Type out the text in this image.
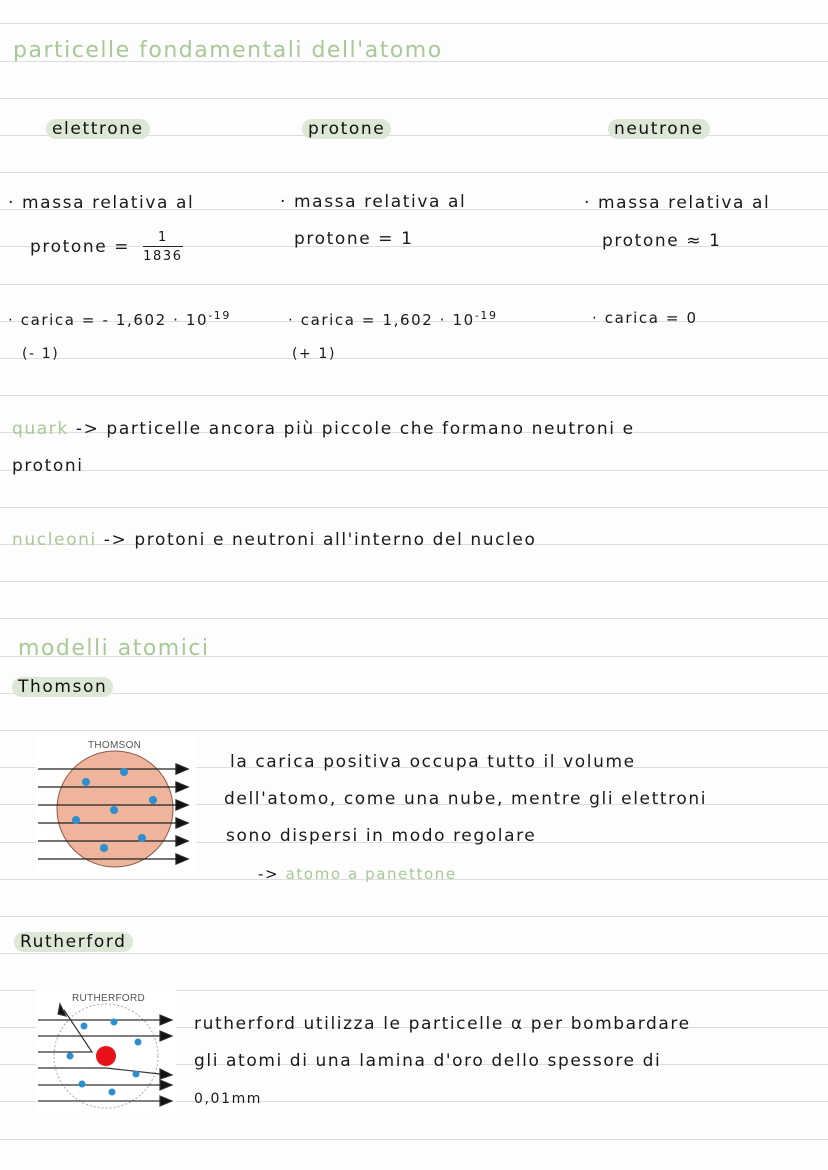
particelle fondamentali dell'atomo
elettrone	protone	neutrone
· massa relativa al
protone = $\frac{1}{1836}$
· carica = - $1,602 \cdot 10^{-19}$
(- 1)
· massa relativa al
protone = 1
· carica = $1,602 \cdot 10^{-19}$
(+ 1)
· massa relativa al
protone ≈ 1
· carica = 0
quark -> particelle ancora più piccole che formano neutroni e
protoni
nucleoni -> protoni e neutroni all'interno del nucleo
modelli atomici
Thomson
THOMSON
la carica positiva occupa tutto il volume
dell'atomo, come una nube, mentre gli elettroni
sono dispersi in modo regolare
-> atomo a panettone
Rutherford
RUTHERFORD
rutherford utilizza le particelle α per bombardare
gli atomi di una lamina d'oro dello spessore di
0,01mm
